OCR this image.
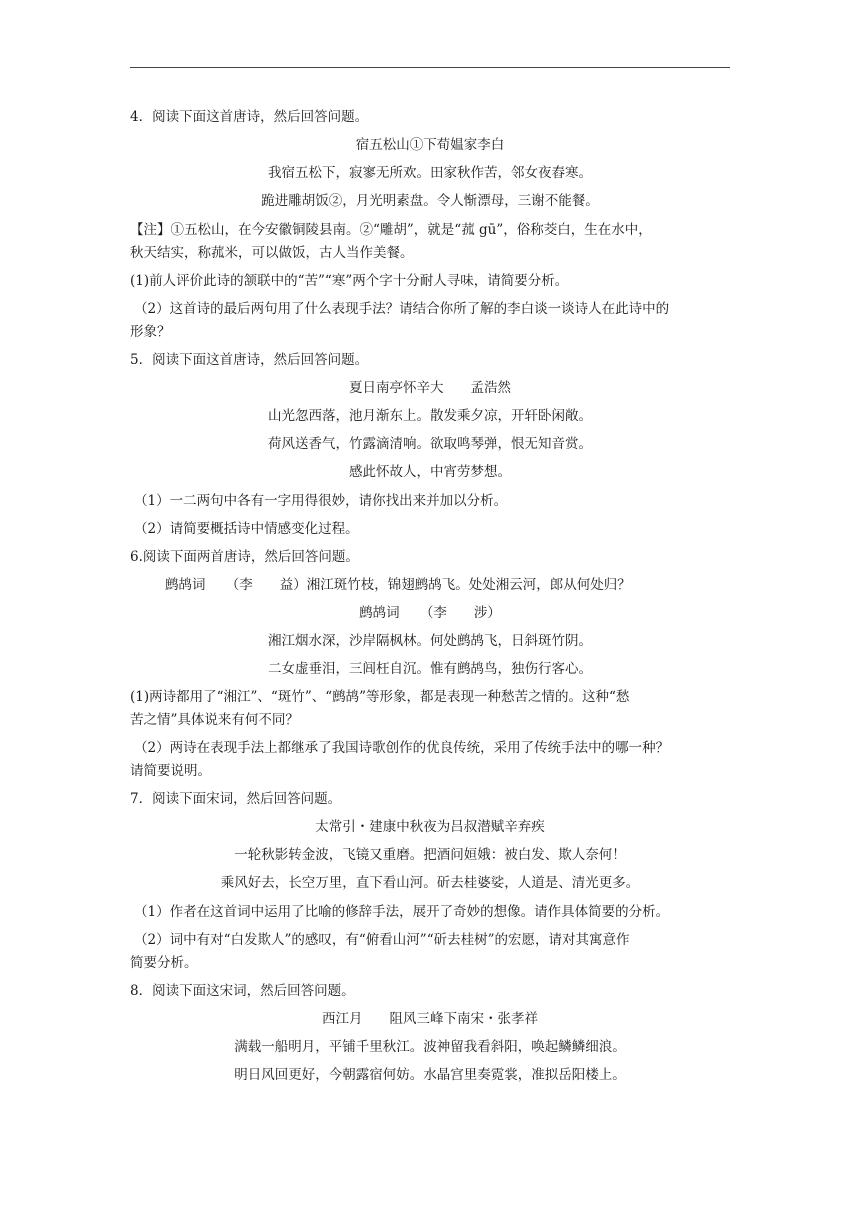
4．阅读下面这首唐诗，然后回答问题。
宿五松山①下荀媪家李白
我宿五松下，寂寥无所欢。田家秋作苦，邻女夜舂寒。
跪进雕胡饭②，月光明素盘。令人惭漂母，三谢不能餐。
【注】①五松山，在今安徽铜陵县南。②“雕胡”，就是“菰 gū”，俗称茭白，生在水中，
秋天结实，称菰米，可以做饭，古人当作美餐。
(1)前人评价此诗的颔联中的“苦”“寒”两个字十分耐人寻味，请简要分析。
（2）这首诗的最后两句用了什么表现手法？请结合你所了解的李白谈一谈诗人在此诗中的
形象？
5．阅读下面这首唐诗，然后回答问题。
夏日南亭怀辛大　　孟浩然
山光忽西落，池月渐东上。散发乘夕凉，开轩卧闲敞。
荷风送香气，竹露滴清响。欲取鸣琴弹，恨无知音赏。
感此怀故人，中宵劳梦想。
（1）一二两句中各有一字用得很妙，请你找出来并加以分析。
（2）请简要概括诗中情感变化过程。
6.阅读下面两首唐诗，然后回答问题。
鹧鸪词　　（李　　益）湘江斑竹枝，锦翅鹧鸪飞。处处湘云河，郎从何处归？
鹧鸪词　　（李　　涉）
湘江烟水深，沙岸隔枫林。何处鹧鸪飞，日斜斑竹阴。
二女虚垂泪，三闾枉自沉。惟有鹧鸪鸟，独伤行客心。
(1)两诗都用了“湘江”、“斑竹”、“鹧鸪”等形象，都是表现一种愁苦之情的。这种“愁
苦之情”具体说来有何不同？
（2）两诗在表现手法上都继承了我国诗歌创作的优良传统，采用了传统手法中的哪一种？
请简要说明。
7．阅读下面宋词，然后回答问题。
太常引・建康中秋夜为吕叔潜赋辛弃疾
一轮秋影转金波，飞镜又重磨。把酒问姮娥：被白发、欺人奈何！
乘风好去，长空万里，直下看山河。斫去桂婆娑，人道是、清光更多。
（1）作者在这首词中运用了比喻的修辞手法，展开了奇妙的想像。请作具体简要的分析。
（2）词中有对“白发欺人”的感叹，有“俯看山河”“斫去桂树”的宏愿，请对其寓意作
简要分析。
8．阅读下面这宋词，然后回答问题。
西江月　　阻风三峰下南宋・张孝祥
满载一船明月，平铺千里秋江。波神留我看斜阳，唤起鳞鳞细浪。
明日风回更好，今朝露宿何妨。水晶宫里奏霓裳，准拟岳阳楼上。
